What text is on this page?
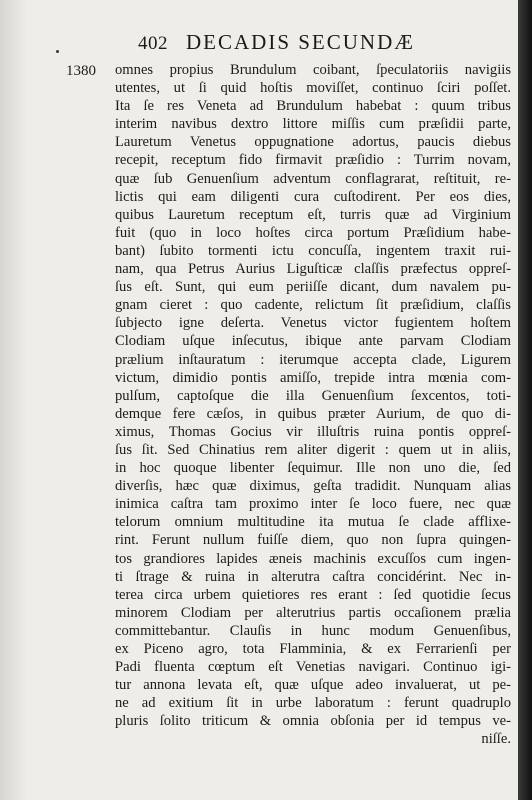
402 DECADIS SECUNDÆ
1380 omnes propius Brundulum coibant, ſpeculatoriis navigiis
utentes, ut ſi quid hoſtis moviſſet, continuo ſciri poſſet.
Ita ſe res Veneta ad Brundulum habebat : quum tribus
interim navibus dextro littore miſſis cum præſidii parte,
Lauretum Venetus oppugnatione adortus, paucis diebus
recepit, receptum fido firmavit præſidio : Turrim novam,
quæ ſub Genuenſium adventum conflagrarat, reſtituit, re-
lictis qui eam diligenti cura cuſtodirent. Per eos dies,
quibus Lauretum receptum eſt, turris quæ ad Virginium
fuit (quo in loco hoſtes circa portum Præſidium habe-
bant) ſubito tormenti ictu concuſſa, ingentem traxit rui-
nam, qua Petrus Aurius Liguſticæ claſſis præfectus oppreſ-
ſus eſt. Sunt, qui eum periiſſe dicant, dum navalem pu-
gnam cieret : quo cadente, relictum ſit præſidium, claſſis
ſubjecto igne deſerta. Venetus victor fugientem hoſtem
Clodiam uſque inſecutus, ibique ante parvam Clodiam
prælium inſtauratum : iterumque accepta clade, Ligurem
victum, dimidio pontis amiſſo, trepide intra mœnia com-
pulſum, captoſque die illa Genuenſium ſexcentos, toti-
demque fere cæſos, in quibus præter Aurium, de quo di-
ximus, Thomas Gocius vir illuſtris ruina pontis oppreſ-
ſus ſit. Sed Chinatius rem aliter digerit : quem ut in aliis,
in hoc quoque libenter ſequimur. Ille non uno die, ſed
diverſis, hæc quæ diximus, geſta tradidit. Nunquam alias
inimica caſtra tam proximo inter ſe loco fuere, nec quæ
telorum omnium multitudine ita mutua ſe clade afflixe-
rint. Ferunt nullum fuiſſe diem, quo non ſupra quingen-
tos grandiores lapides æneis machinis excuſſos cum ingen-
ti ſtrage & ruina in alterutra caſtra concidérint. Nec in-
terea circa urbem quietiores res erant : ſed quotidie ſecus
minorem Clodiam per alterutrius partis occaſionem prælia
committebantur. Clauſis in hunc modum Genuenſibus,
ex Piceno agro, tota Flamminia, & ex Ferrarienſi per
Padi fluenta cœptum eſt Venetias navigari. Continuo igi-
tur annona levata eſt, quæ uſque adeo invaluerat, ut pe-
ne ad exitium ſit in urbe laboratum : ferunt quadruplo
pluris ſolito triticum & omnia obſonia per id tempus ve-
niſſe.
